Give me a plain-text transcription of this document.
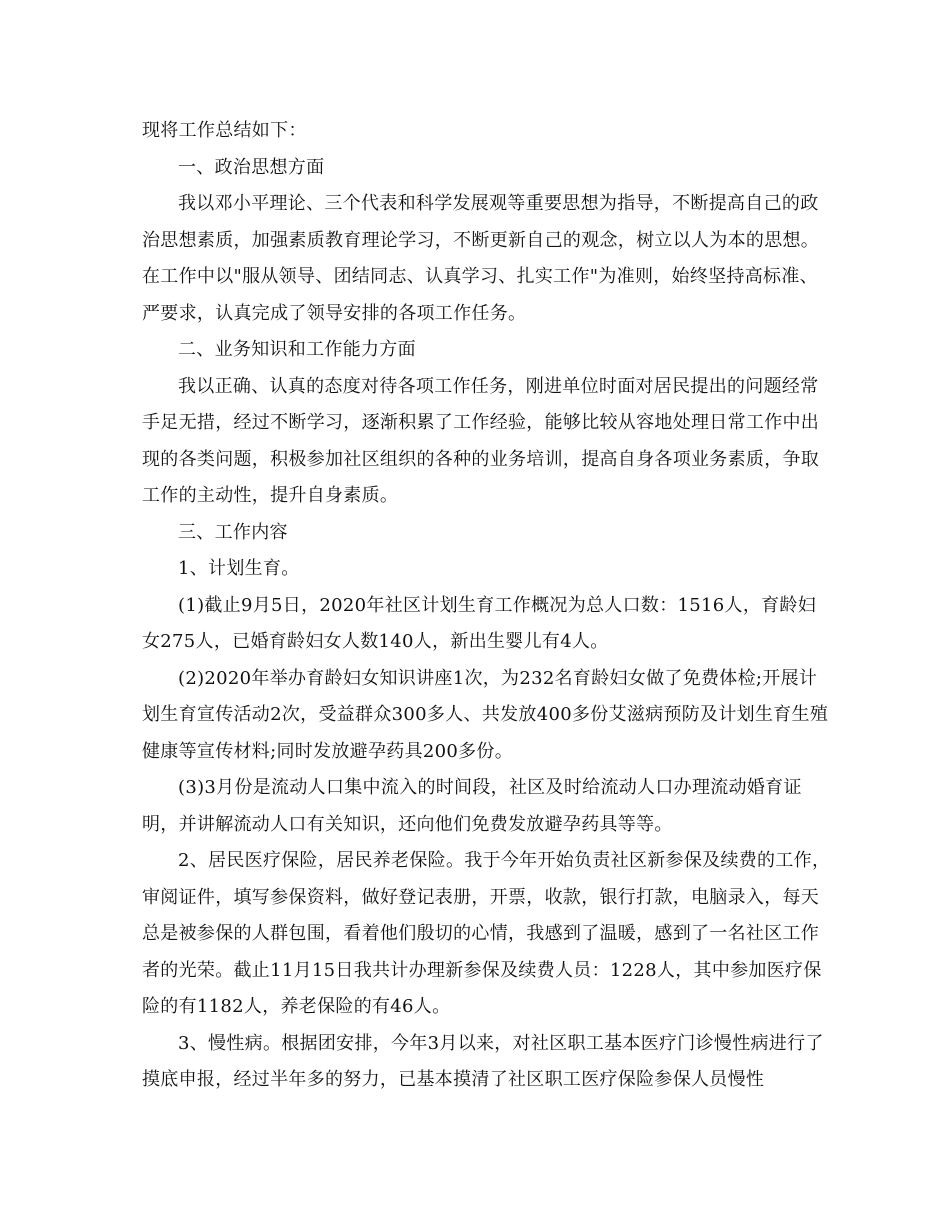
现将工作总结如下：

一、政治思想方面

我以邓小平理论、三个代表和科学发展观等重要思想为指导，不断提高自己的政治思想素质，加强素质教育理论学习，不断更新自己的观念，树立以人为本的思想。在工作中以"服从领导、团结同志、认真学习、扎实工作"为准则，始终坚持高标准、严要求，认真完成了领导安排的各项工作任务。

二、业务知识和工作能力方面

我以正确、认真的态度对待各项工作任务，刚进单位时面对居民提出的问题经常手足无措，经过不断学习，逐渐积累了工作经验，能够比较从容地处理日常工作中出现的各类问题，积极参加社区组织的各种的业务培训，提高自身各项业务素质，争取工作的主动性，提升自身素质。

三、工作内容

1、计划生育。

(1)截止9月5日，2020年社区计划生育工作概况为总人口数：1516人，育龄妇女275人，已婚育龄妇女人数140人，新出生婴儿有4人。

(2)2020年举办育龄妇女知识讲座1次，为232名育龄妇女做了免费体检;开展计划生育宣传活动2次，受益群众300多人、共发放400多份艾滋病预防及计划生育生殖健康等宣传材料;同时发放避孕药具200多份。

(3)3月份是流动人口集中流入的时间段，社区及时给流动人口办理流动婚育证明，并讲解流动人口有关知识，还向他们免费发放避孕药具等等。

2、居民医疗保险，居民养老保险。我于今年开始负责社区新参保及续费的工作，审阅证件，填写参保资料，做好登记表册，开票，收款，银行打款，电脑录入，每天总是被参保的人群包围，看着他们殷切的心情，我感到了温暖，感到了一名社区工作者的光荣。截止11月15日我共计办理新参保及续费人员：1228人，其中参加医疗保险的有1182人，养老保险的有46人。

3、慢性病。根据团安排，今年3月以来，对社区职工基本医疗门诊慢性病进行了摸底申报，经过半年多的努力，已基本摸清了社区职工医疗保险参保人员慢性
